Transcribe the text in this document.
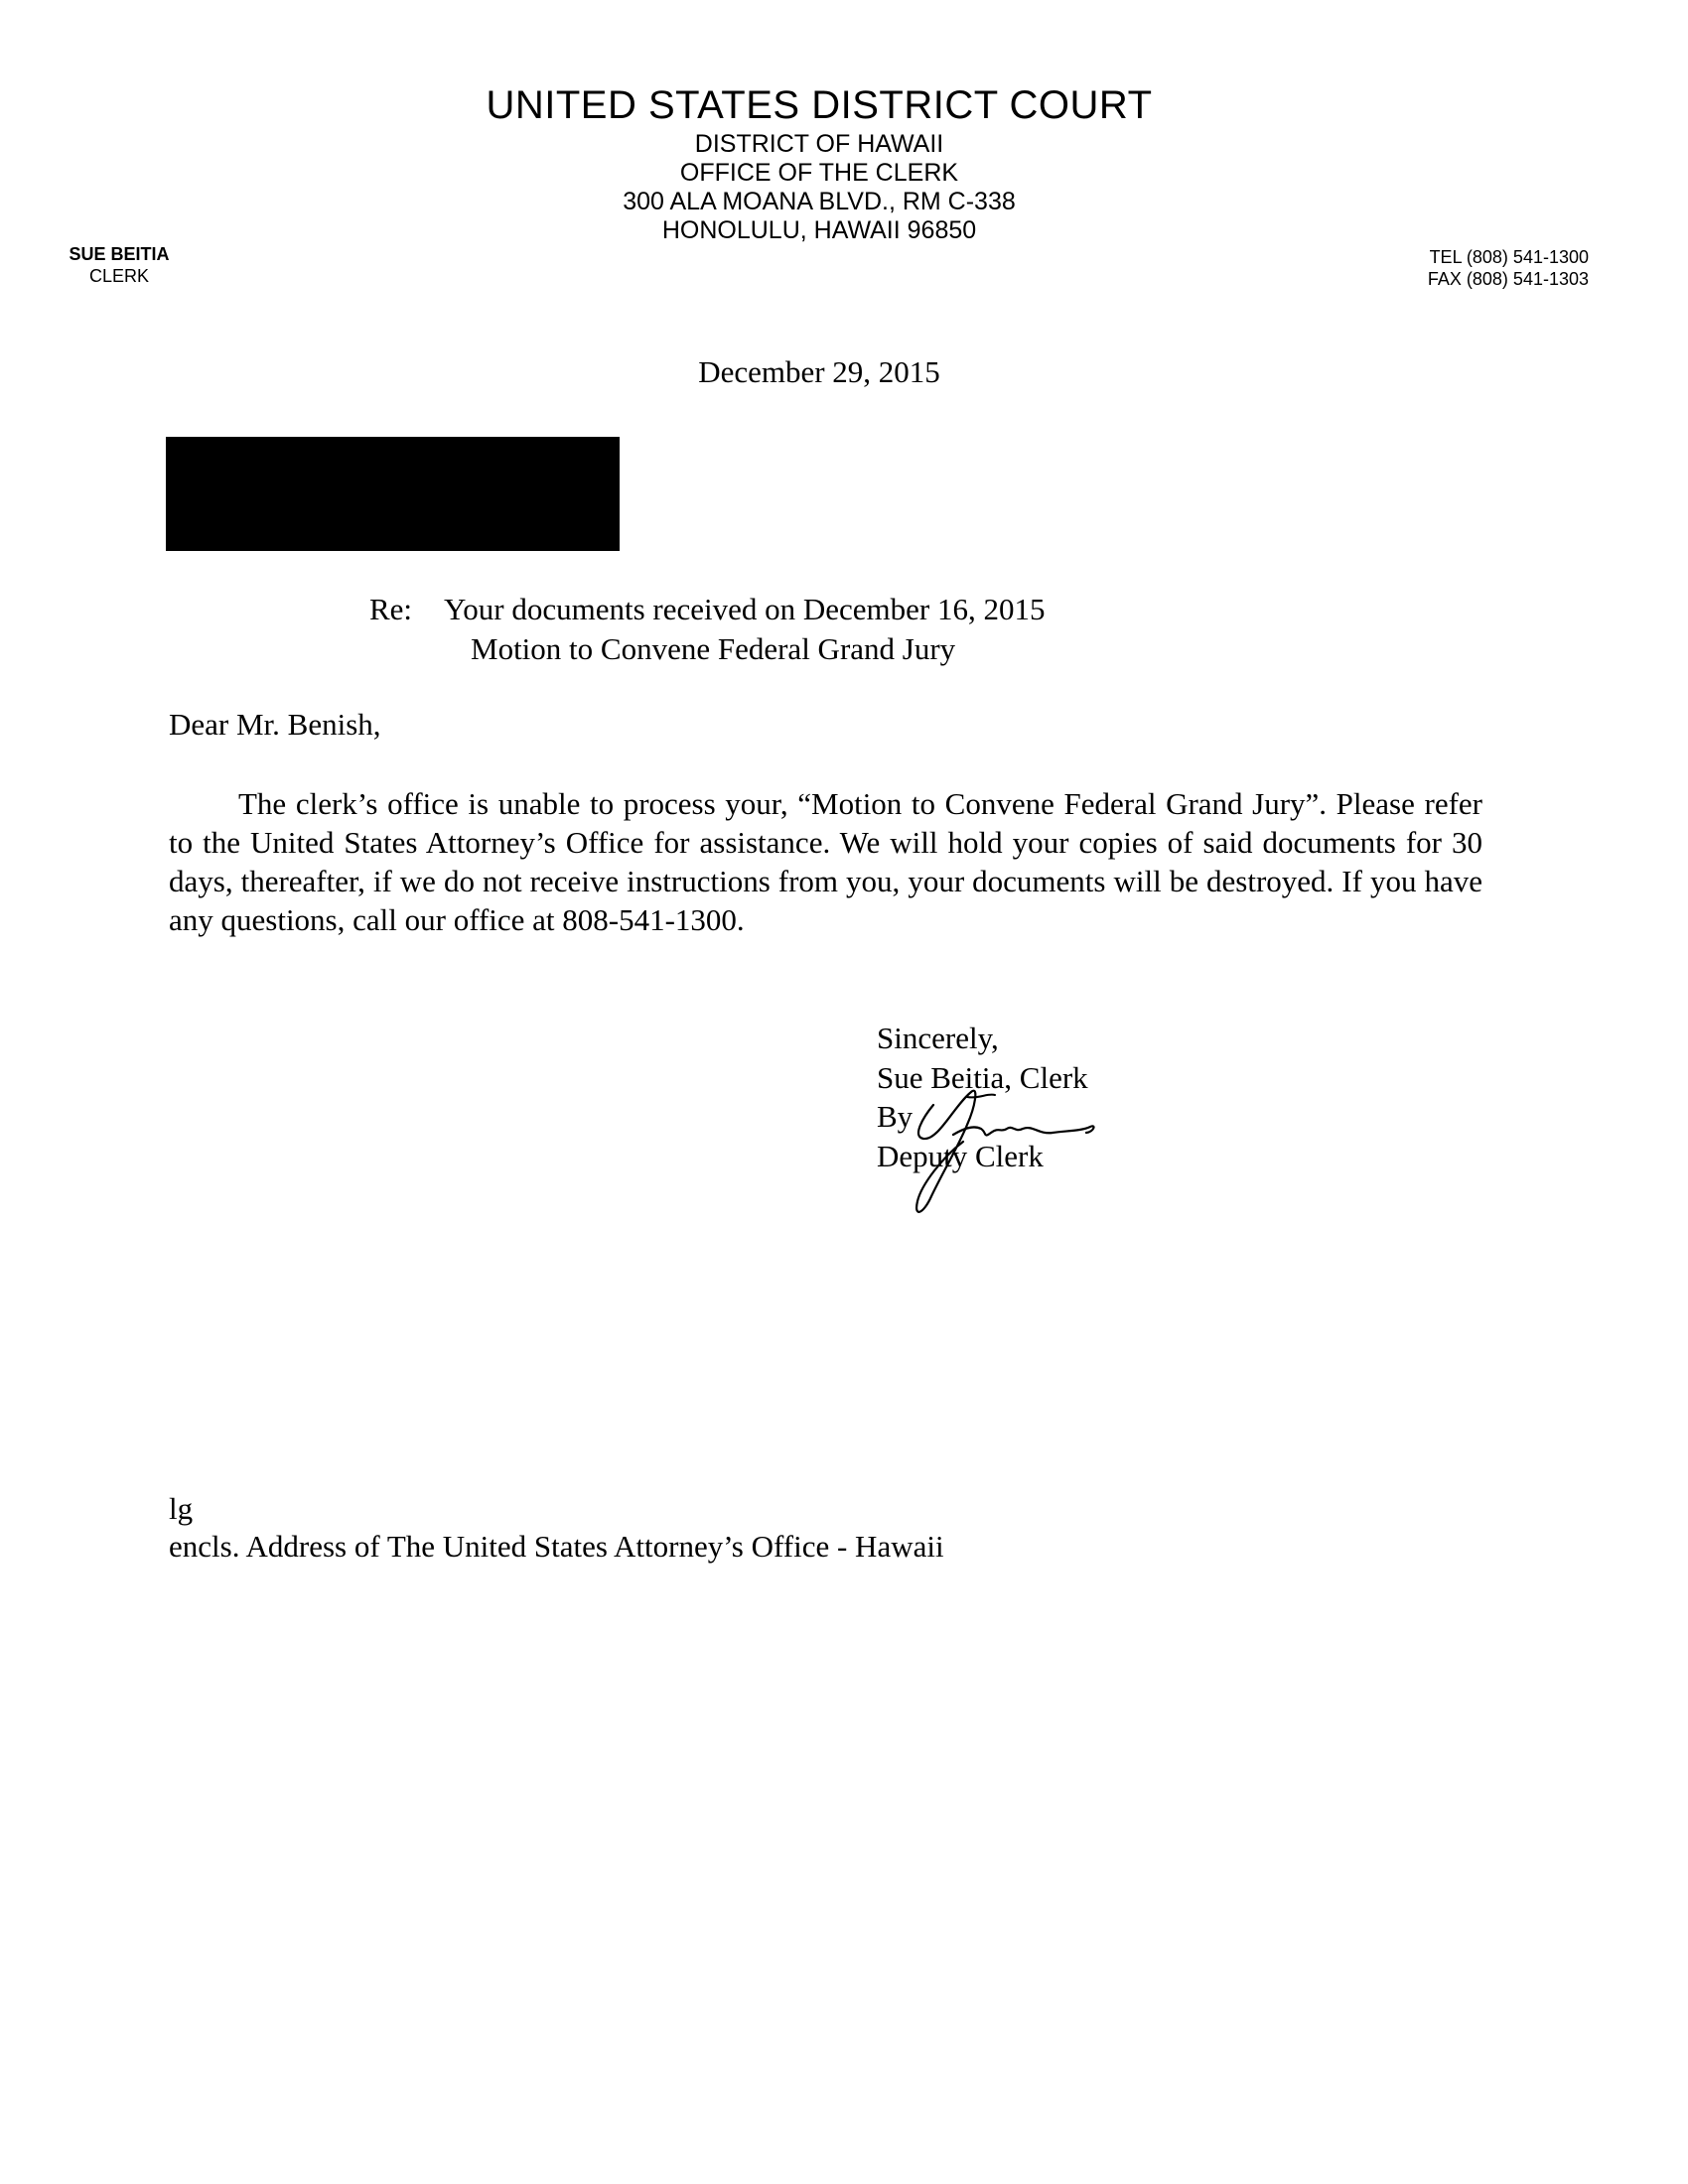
UNITED STATES DISTRICT COURT
DISTRICT OF HAWAII
OFFICE OF THE CLERK
300 ALA MOANA BLVD., RM C-338
HONOLULU, HAWAII 96850
SUE BEITIA
CLERK
TEL (808) 541-1300
FAX (808) 541-1303
December 29, 2015
Re: Your documents received on December 16, 2015
Motion to Convene Federal Grand Jury
Dear Mr. Benish,
The clerk’s office is unable to process your, “Motion to Convene Federal Grand Jury”. Please refer to the United States Attorney’s Office for assistance. We will hold your copies of said documents for 30 days, thereafter, if we do not receive instructions from you, your documents will be destroyed. If you have any questions, call our office at 808-541-1300.
Sincerely,
Sue Beitia, Clerk
By
Deputy Clerk
lg
encls. Address of The United States Attorney’s Office - Hawaii
